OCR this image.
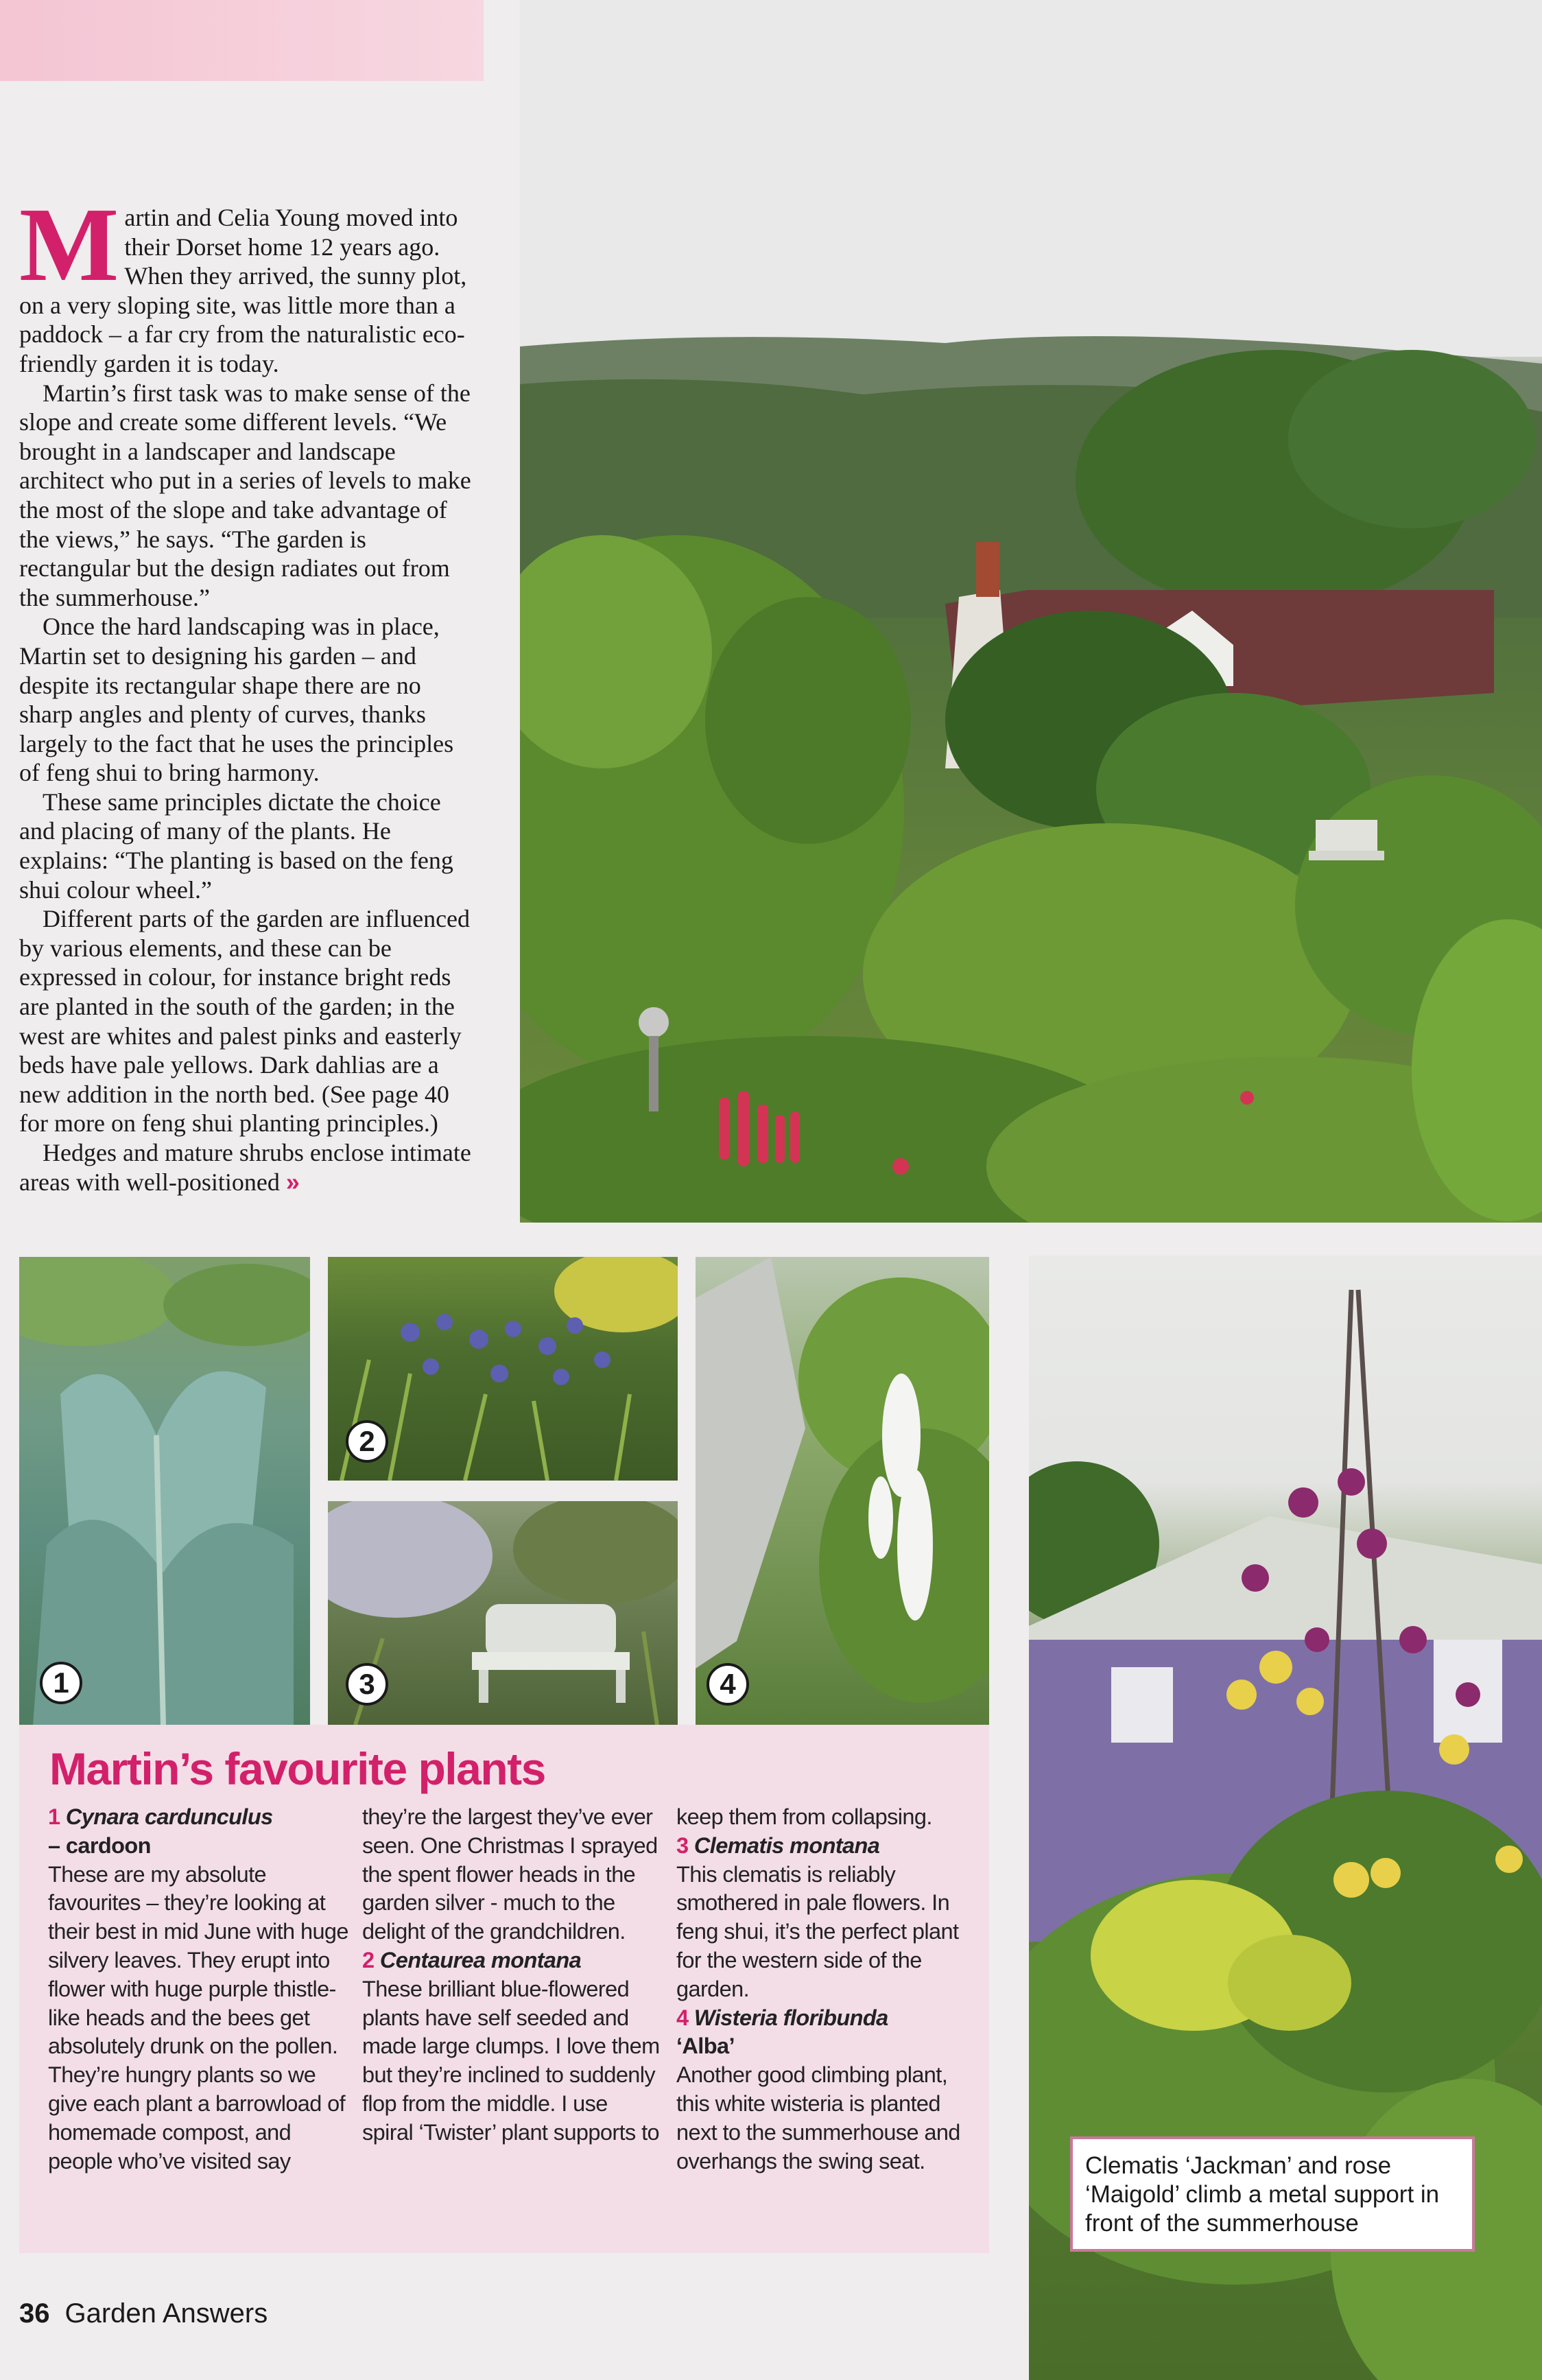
Martin and Celia Young moved into their Dorset home 12 years ago. When they arrived, the sunny plot, on a very sloping site, was little more than a paddock – a far cry from the naturalistic eco-friendly garden it is today.

Martin’s first task was to make sense of the slope and create some different levels. “We brought in a landscaper and landscape architect who put in a series of levels to make the most of the slope and take advantage of the views,” he says. “The garden is rectangular but the design radiates out from the summerhouse.”

Once the hard landscaping was in place, Martin set to designing his garden – and despite its rectangular shape there are no sharp angles and plenty of curves, thanks largely to the fact that he uses the principles of feng shui to bring harmony.

These same principles dictate the choice and placing of many of the plants. He explains: “The planting is based on the feng shui colour wheel.”

Different parts of the garden are influenced by various elements, and these can be expressed in colour, for instance bright reds are planted in the south of the garden; in the west are whites and palest pinks and easterly beds have pale yellows. Dark dahlias are a new addition in the north bed. (See page 40 for more on feng shui planting principles.)

Hedges and mature shrubs enclose intimate areas with well-positioned »

1
2
3	4
Martin’s favourite plants
1 Cynara cardunculus
– cardoon
These are my absolute favourites – they’re looking at their best in mid June with huge silvery leaves. They erupt into flower with huge purple thistle-like heads and the bees get absolutely drunk on the pollen. They’re hungry plants so we give each plant a barrowload of homemade compost, and people who’ve visited say
they’re the largest they’ve ever seen. One Christmas I sprayed the spent flower heads in the garden silver - much to the delight of the grandchildren.
2 Centaurea montana
These brilliant blue-flowered plants have self seeded and made large clumps. I love them but they’re inclined to suddenly flop from the middle. I use spiral ‘Twister’ plant supports to
keep them from collapsing.
3 Clematis montana
This clematis is reliably smothered in pale flowers. In feng shui, it’s the perfect plant for the western side of the garden.
4 Wisteria floribunda
‘Alba’
Another good climbing plant, this white wisteria is planted next to the summerhouse and overhangs the swing seat.	Clematis ‘Jackman’ and rose ‘Maigold’ climb a metal support in front of the summerhouse
36 Garden Answers
